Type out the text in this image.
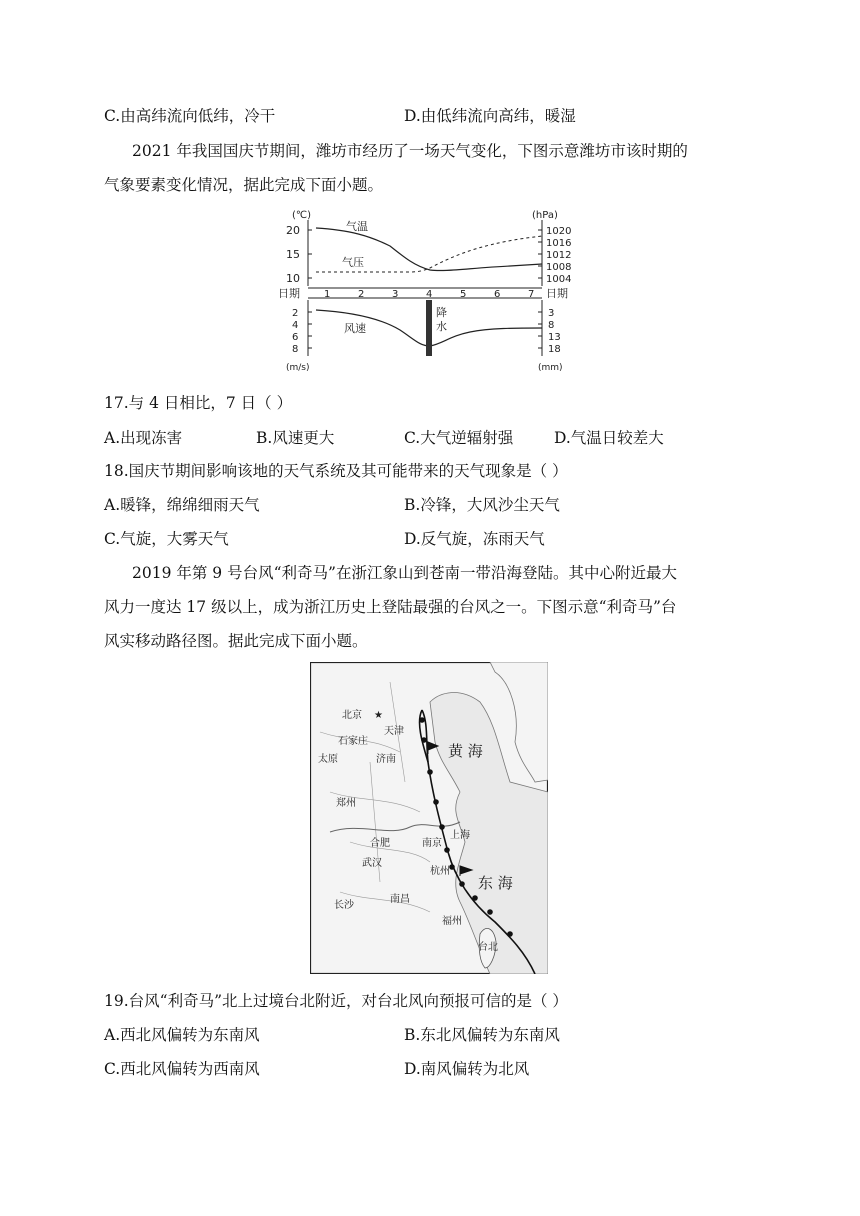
C.由高纬流向低纬，冷干	D.由低纬流向高纬，暖湿
2021 年我国国庆节期间，潍坊市经历了一场天气变化，下图示意潍坊市该时期的
气象要素变化情况，据此完成下面小题。
(℃)	(hPa)
20
15
10
1020
1016
1012
1008
1004
气温
气压
日期	日期
1	2	3	4	5	6	7
2
4
6
8
3
8
13
18
风速
降
水
(m/s)	(mm)
17.与 4 日相比，7 日（ ）
A.出现冻害	B.风速更大	C.大气逆辐射强	D.气温日较差大
18.国庆节期间影响该地的天气系统及其可能带来的天气现象是（ ）
A.暖锋，绵绵细雨天气	B.冷锋，大风沙尘天气
C.气旋，大雾天气	D.反气旋，冻雨天气
2019 年第 9 号台风“利奇马”在浙江象山到苍南一带沿海登陆。其中心附近最大
风力一度达 17 级以上，成为浙江历史上登陆最强的台风之一。下图示意“利奇马”台
风实移动路径图。据此完成下面小题。
北京 ★
天津
石家庄
太原	济南
郑州
合肥	南京
上海
武汉
杭州
长沙
南昌
福州
台北
黄 海
东 海
19.台风“利奇马”北上过境台北附近，对台北风向预报可信的是（ ）
A.西北风偏转为东南风	B.东北风偏转为东南风
C.西北风偏转为西南风	D.南风偏转为北风
